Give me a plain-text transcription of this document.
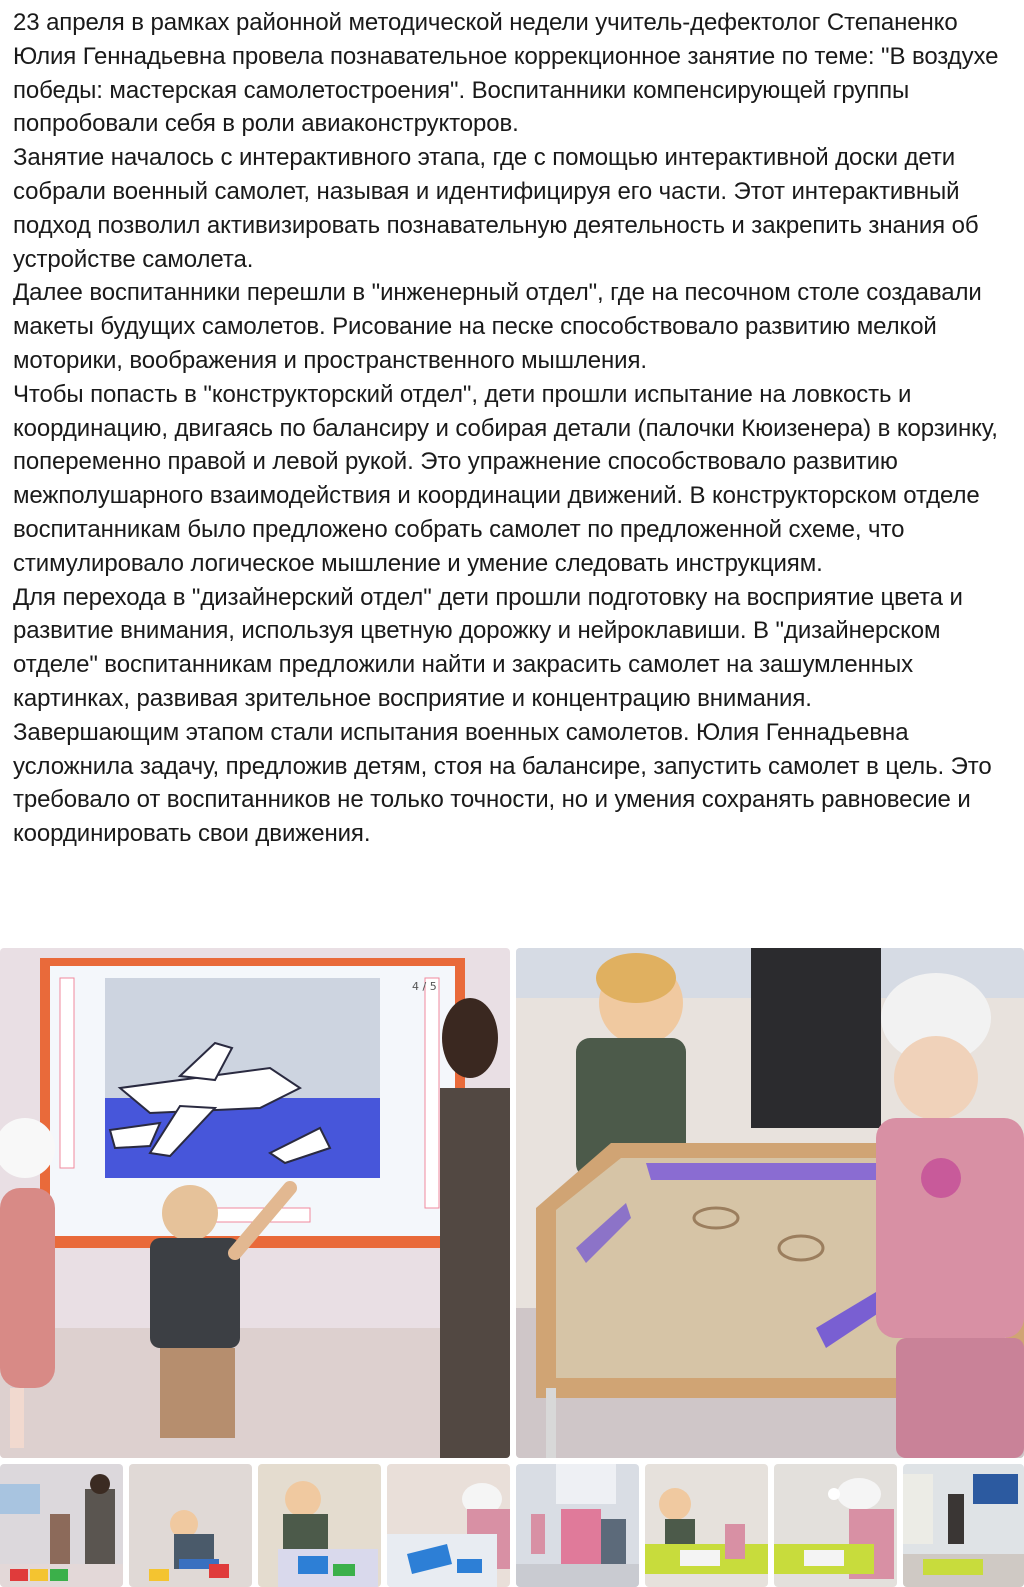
23 апреля в рамках районной методической недели учитель-дефектолог Степаненко Юлия Геннадьевна провела познавательное коррекционное занятие по теме: "В воздухе победы: мастерская самолетостроения". Воспитанники компенсирующей группы попробовали себя в роли авиаконструкторов.

Занятие началось с интерактивного этапа, где с помощью интерактивной доски дети собрали военный самолет, называя и идентифицируя его части. Этот интерактивный подход позволил активизировать познавательную деятельность и закрепить знания об устройстве самолета.

Далее воспитанники перешли в "инженерный отдел", где на песочном столе создавали макеты будущих самолетов. Рисование на песке способствовало развитию мелкой моторики, воображения и пространственного мышления.

Чтобы попасть в "конструкторский отдел", дети прошли испытание на ловкость и координацию, двигаясь по балансиру и собирая детали (палочки Кюизенера) в корзинку, попеременно правой и левой рукой. Это упражнение способствовало развитию межполушарного взаимодействия и координации движений. В конструкторском отделе воспитанникам было предложено собрать самолет по предложенной схеме, что стимулировало логическое мышление и умение следовать инструкциям.

Для перехода в "дизайнерский отдел" дети прошли подготовку на восприятие цвета и развитие внимания, используя цветную дорожку и нейроклавиши. В "дизайнерском отделе" воспитанникам предложили найти и закрасить самолет на зашумленных картинках, развивая зрительное восприятие и концентрацию внимания.

Завершающим этапом стали испытания военных самолетов. Юлия Геннадьевна усложнила задачу, предложив детям, стоя на балансире, запустить самолет в цель. Это требовало от воспитанников не только точности, но и умения сохранять равновесие и координировать свои движения.

4 / 5
